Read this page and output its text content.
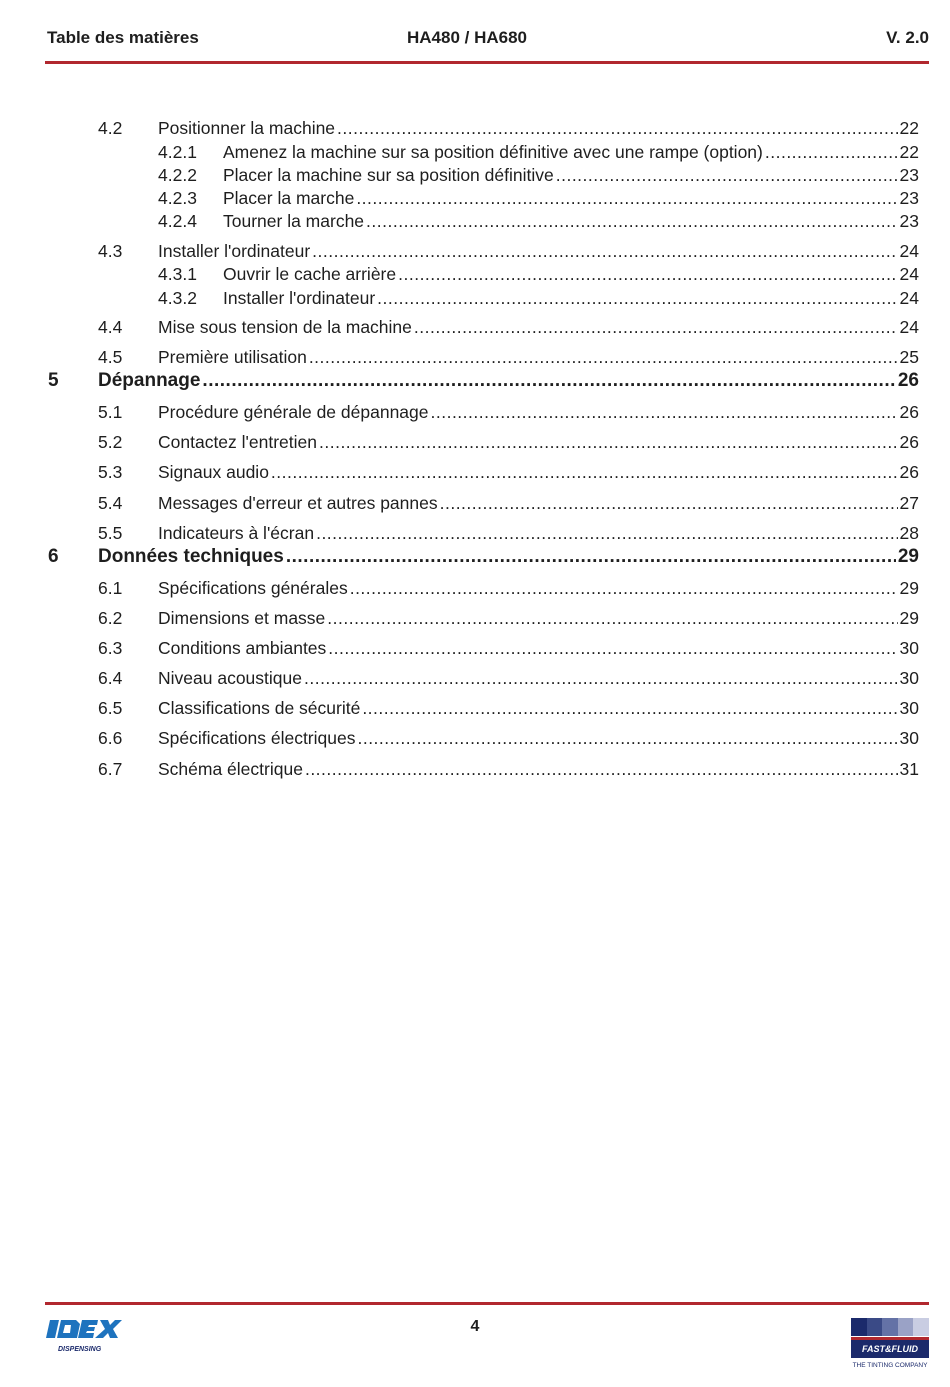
Table des matières	HA480 / HA680	V. 2.0
4.2 Positionner la machine .....	22
4.2.1 Amenez la machine sur sa position définitive avec une rampe (option) .....	22
4.2.2 Placer la machine sur sa position définitive .....	23
4.2.3 Placer la marche .....	23
4.2.4 Tourner la marche .....	23
4.3 Installer l'ordinateur .....	24
4.3.1 Ouvrir le cache arrière .....	24
4.3.2 Installer l'ordinateur .....	24
4.4 Mise sous tension de la machine .....	24
4.5 Première utilisation .....	25
5 Dépannage .....	26
5.1 Procédure générale de dépannage .....	26
5.2 Contactez l'entretien .....	26
5.3 Signaux audio .....	26
5.4 Messages d'erreur et autres pannes .....	27
5.5 Indicateurs à l'écran .....	28
6 Données techniques .....	29
6.1 Spécifications générales .....	29
6.2 Dimensions et masse .....	29
6.3 Conditions ambiantes .....	30
6.4 Niveau acoustique .....	30
6.5 Classifications de sécurité .....	30
6.6 Spécifications électriques .....	30
6.7 Schéma électrique .....	31
DISPENSING
4
FAST&FLUID
THE TINTING COMPANY
